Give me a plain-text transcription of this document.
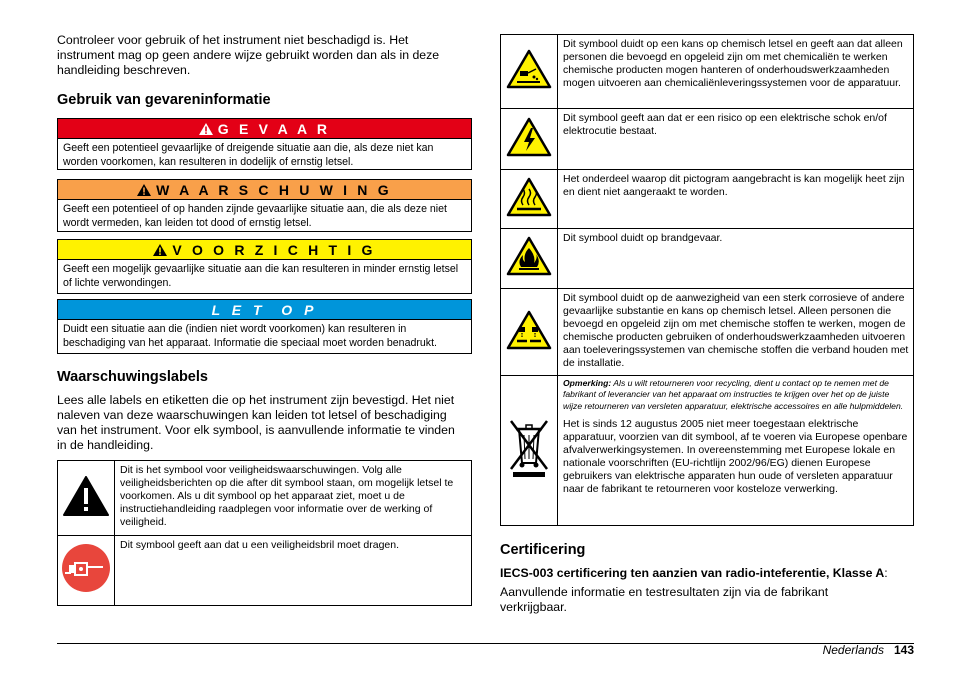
Controleer voor gebruik of het instrument niet beschadigd is. Het instrument mag op geen andere wijze gebruikt worden dan als in deze handleiding beschreven.

Gebruik van gevareninformatie
G E V A A R
Geeft een potentieel gevaarlijke of dreigende situatie aan die, als deze niet kan worden voorkomen, kan resulteren in dodelijk of ernstig letsel.
W A A R S C H U W I N G
Geeft een potentieel of op handen zijnde gevaarlijke situatie aan, die als deze niet wordt vermeden, kan leiden tot dood of ernstig letsel.
V O O R Z I C H T I G
Geeft een mogelijk gevaarlijke situatie aan die kan resulteren in minder ernstig letsel of lichte verwondingen.
L E T  O P
Duidt een situatie aan die (indien niet wordt voorkomen) kan resulteren in beschadiging van het apparaat. Informatie die speciaal moet worden benadrukt.
Waarschuwingslabels

Lees alle labels en etiketten die op het instrument zijn bevestigd. Het niet naleven van deze waarschuwingen kan leiden tot letsel of beschadiging van het instrument. Voor elk symbool, is aanvullende informatie te vinden in de handleiding.

	Dit is het symbool voor veiligheidswaarschuwingen. Volg alle veiligheidsberichten op die after dit symbool staan, om mogelijk letsel te voorkomen. Als u dit symbool op het apparaat ziet, moet u de instructiehandleiding raadplegen voor informatie over de werking of veiligheid.
	Dit symbool geeft aan dat u een veiligheidsbril moet dragen.
	Dit symbool duidt op een kans op chemisch letsel en geeft aan dat alleen personen die bevoegd en opgeleid zijn om met chemicaliën te werken chemische producten mogen hanteren of onderhoudswerkzaamheden mogen uitvoeren aan chemicaliënleveringssystemen voor de apparatuur.
	Dit symbool geeft aan dat er een risico op een elektrische schok en/of elektrocutie bestaat.
	Het onderdeel waarop dit pictogram aangebracht is kan mogelijk heet zijn en dient niet aangeraakt te worden.
	Dit symbool duidt op brandgevaar.
	Dit symbool duidt op de aanwezigheid van een sterk corrosieve of andere gevaarlijke substantie en kans op chemisch letsel. Alleen personen die bevoegd en opgeleid zijn om met chemische stoffen te werken, mogen de chemische producten gebruiken of onderhoudswerkzaamheden uitvoeren aan toeleveringssystemen van chemische stoffen die verband houden met de installatie.

Opmerking: Als u wilt retourneren voor recycling, dient u contact op te nemen met de fabrikant of leverancier van het apparaat om instructies te krijgen over het op de juiste wijze retourneren van versleten apparatuur, elektrische accessoires en alle hulpmiddelen.
Het is sinds 12 augustus 2005 niet meer toegestaan elektrische apparatuur, voorzien van dit symbool, af te voeren via Europese openbare afvalverwerkingsystemen. In overeenstemming met Europese lokale en nationale voorschriften (EU-richtlijn 2002/96/EG) dienen Europese gebruikers van elektrische apparaten hun oude of versleten apparatuur naar de fabrikant te retourneren voor kosteloze verwerking.
Certificering

IECS-003 certificering ten aanzien van radio-inteferentie, Klasse A:

Aanvullende informatie en testresultaten zijn via de fabrikant verkrijgbaar.

Nederlands 143
